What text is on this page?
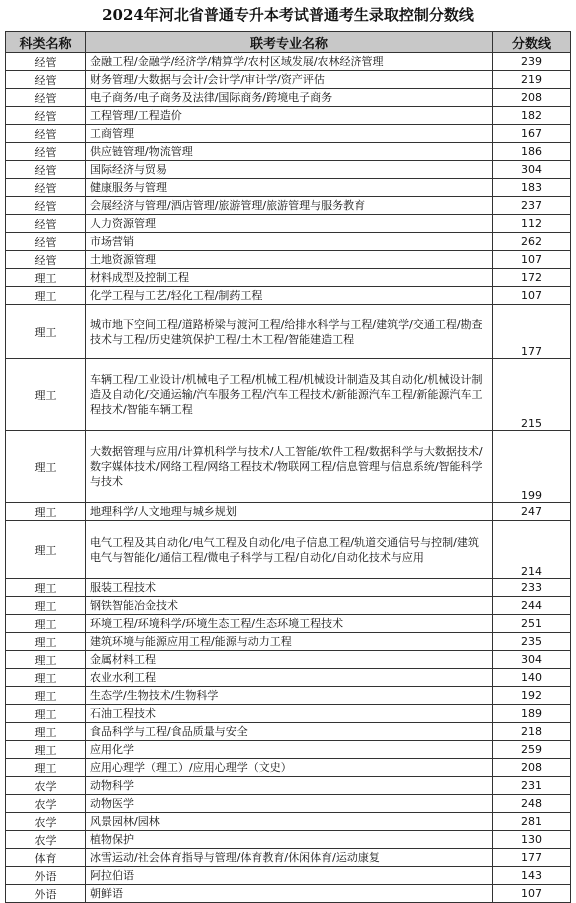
2024年河北省普通专升本考试普通考生录取控制分数线
科类名称	联考专业名称	分数线
经管	金融工程/金融学/经济学/精算学/农村区域发展/农林经济管理	239
经管	财务管理/大数据与会计/会计学/审计学/资产评估	219
经管	电子商务/电子商务及法律/国际商务/跨境电子商务	208
经管	工程管理/工程造价	182
经管	工商管理	167
经管	供应链管理/物流管理	186
经管	国际经济与贸易	304
经管	健康服务与管理	183
经管	会展经济与管理/酒店管理/旅游管理/旅游管理与服务教育	237
经管	人力资源管理	112
经管	市场营销	262
经管	土地资源管理	107
理工	材料成型及控制工程	172
理工	化学工程与工艺/轻化工程/制药工程	107
理工	城市地下空间工程/道路桥梁与渡河工程/给排水科学与工程/建筑学/交通工程/勘查技术与工程/历史建筑保护工程/土木工程/智能建造工程	177
理工	车辆工程/工业设计/机械电子工程/机械工程/机械设计制造及其自动化/机械设计制造及自动化/交通运输/汽车服务工程/汽车工程技术/新能源汽车工程/新能源汽车工程技术/智能车辆工程	215
理工	大数据管理与应用/计算机科学与技术/人工智能/软件工程/数据科学与大数据技术/数字媒体技术/网络工程/网络工程技术/物联网工程/信息管理与信息系统/智能科学与技术	199
理工	地理科学/人文地理与城乡规划	247
理工	电气工程及其自动化/电气工程及自动化/电子信息工程/轨道交通信号与控制/建筑电气与智能化/通信工程/微电子科学与工程/自动化/自动化技术与应用	214
理工	服装工程技术	233
理工	钢铁智能冶金技术	244
理工	环境工程/环境科学/环境生态工程/生态环境工程技术	251
理工	建筑环境与能源应用工程/能源与动力工程	235
理工	金属材料工程	304
理工	农业水利工程	140
理工	生态学/生物技术/生物科学	192
理工	石油工程技术	189
理工	食品科学与工程/食品质量与安全	218
理工	应用化学	259
理工	应用心理学（理工）/应用心理学（文史）	208
农学	动物科学	231
农学	动物医学	248
农学	风景园林/园林	281
农学	植物保护	130
体育	冰雪运动/社会体育指导与管理/体育教育/休闲体育/运动康复	177
外语	阿拉伯语	143
外语	朝鲜语	107
